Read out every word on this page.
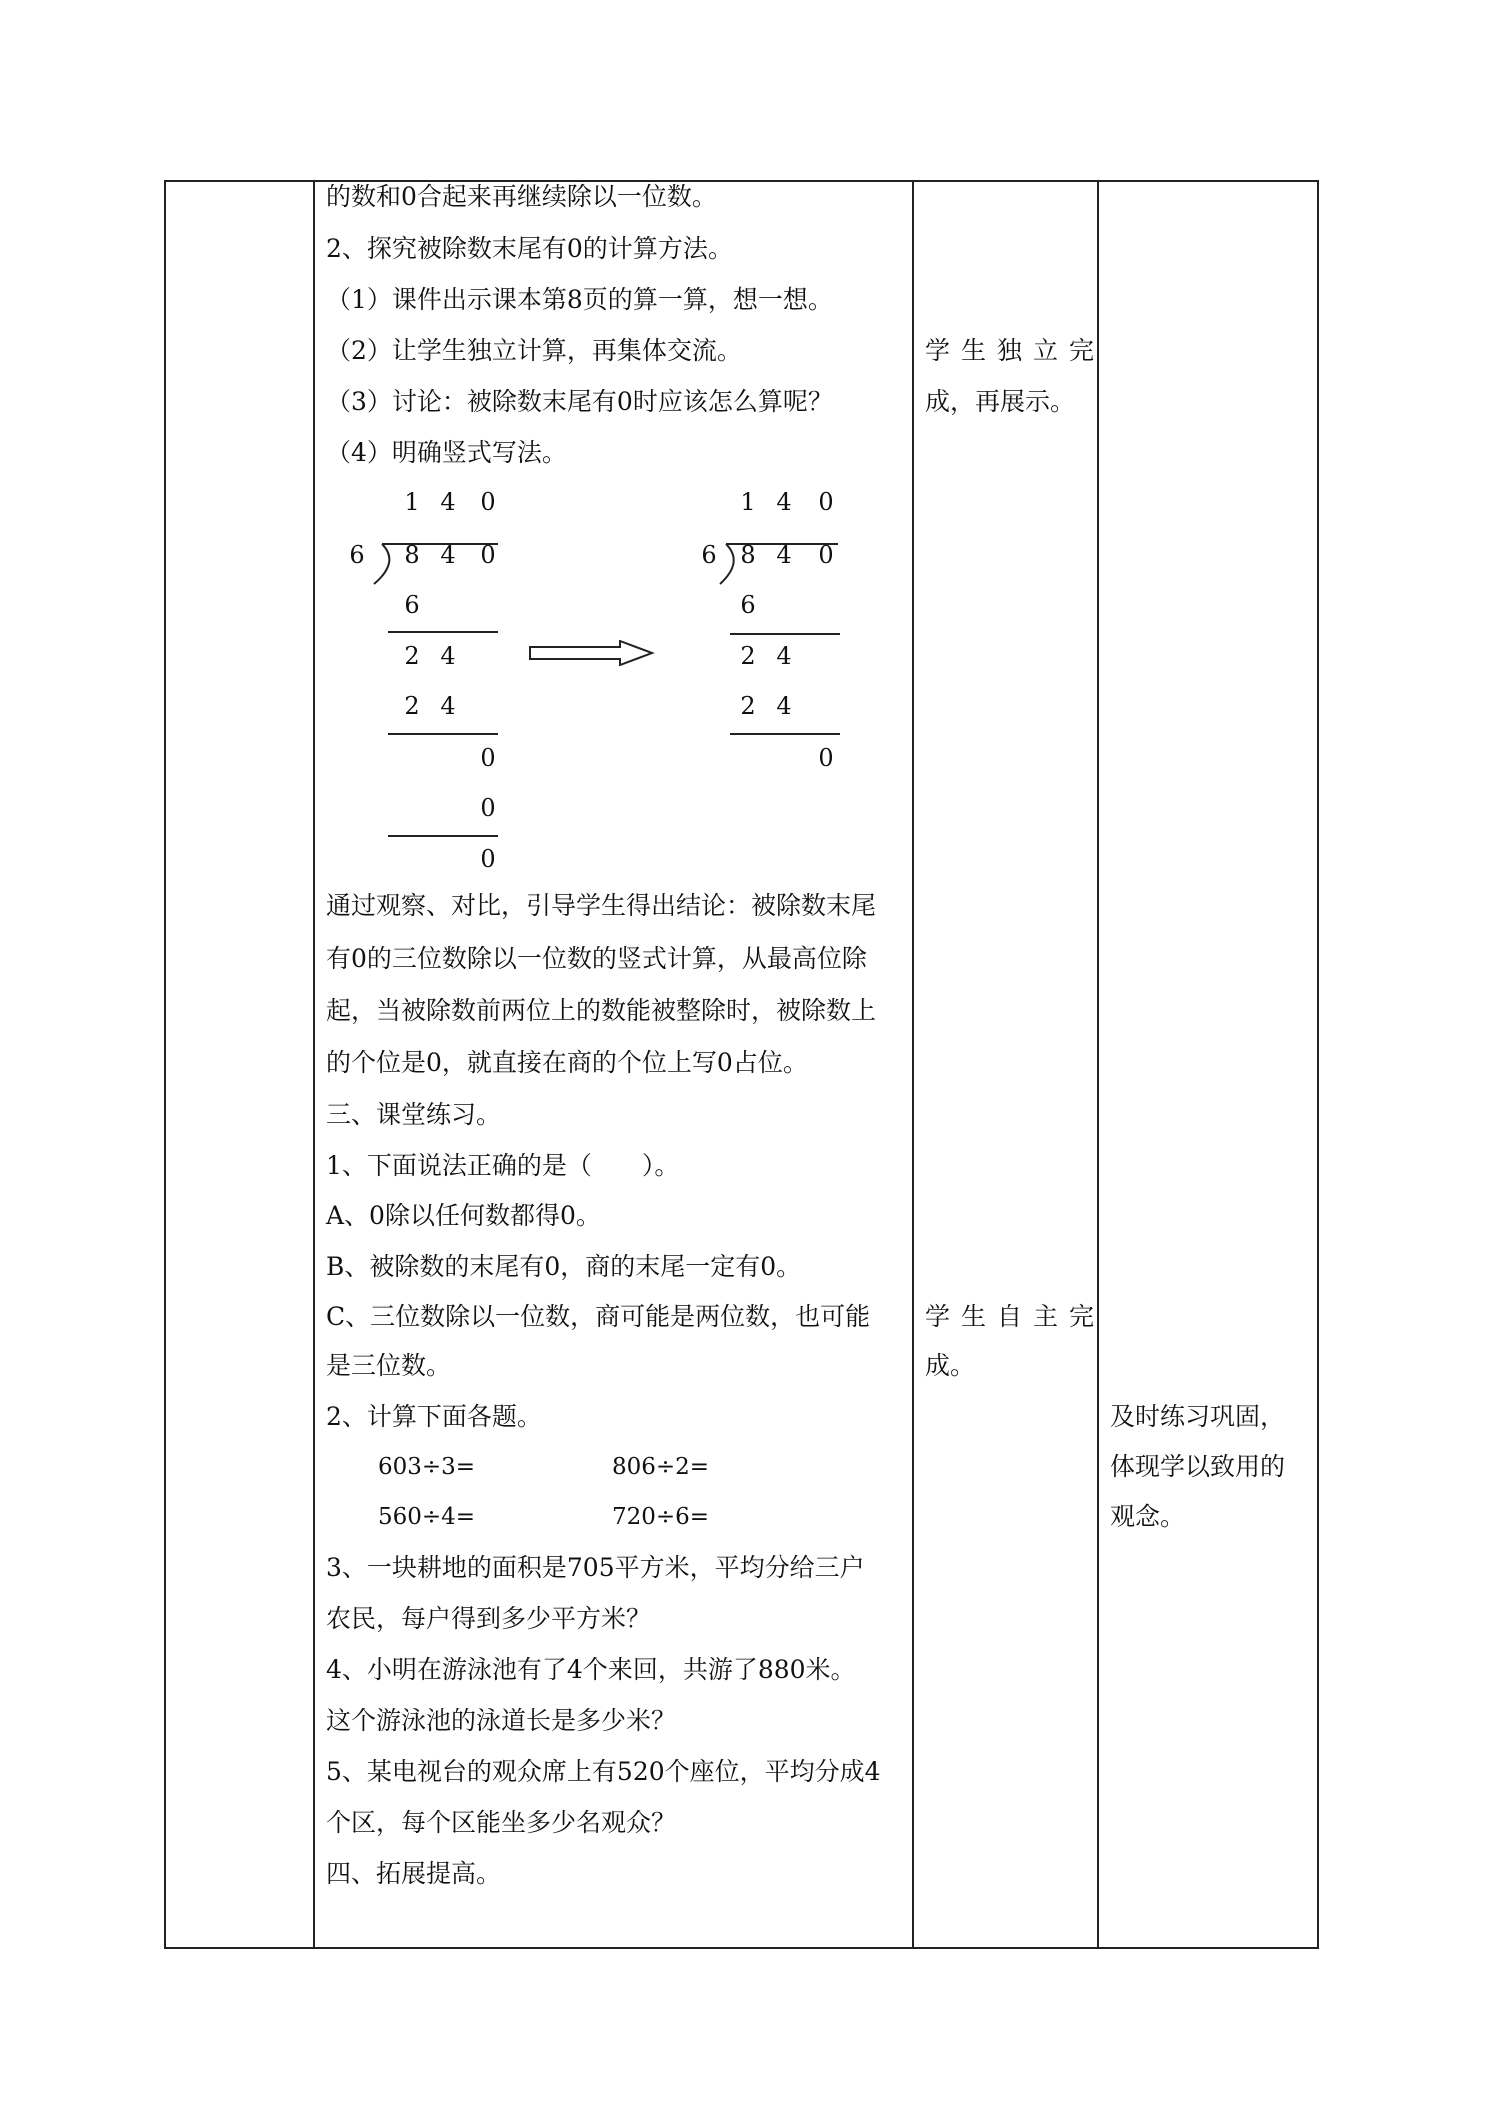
的数和0合起来再继续除以一位数。
2、探究被除数末尾有0的计算方法。
（1）课件出示课本第8页的算一算，想一想。
（2）让学生独立计算，再集体交流。
（3）讨论：被除数末尾有0时应该怎么算呢？
（4）明确竖式写法。
1 4 0
6 8 4 0
6
2 4
2 4
0
0
0
1 4 0
6 8 4 0
6
2 4
2 4
0
通过观察、对比，引导学生得出结论：被除数末尾
有0的三位数除以一位数的竖式计算，从最高位除
起，当被除数前两位上的数能被整除时，被除数上
的个位是0，就直接在商的个位上写0占位。
三、课堂练习。
1、下面说法正确的是（　　）。
A、0除以任何数都得0。
B、被除数的末尾有0，商的末尾一定有0。
C、三位数除以一位数，商可能是两位数，也可能
是三位数。
2、计算下面各题。
603÷3=	806÷2=
560÷4=	720÷6=
3、一块耕地的面积是705平方米，平均分给三户
农民，每户得到多少平方米？
4、小明在游泳池有了4个来回，共游了880米。
这个游泳池的泳道长是多少米？
5、某电视台的观众席上有520个座位，平均分成4
个区，每个区能坐多少名观众？
四、拓展提高。
学生独立完
成，再展示。
学生自主完
成。
及时练习巩固，
体现学以致用的
观念。
